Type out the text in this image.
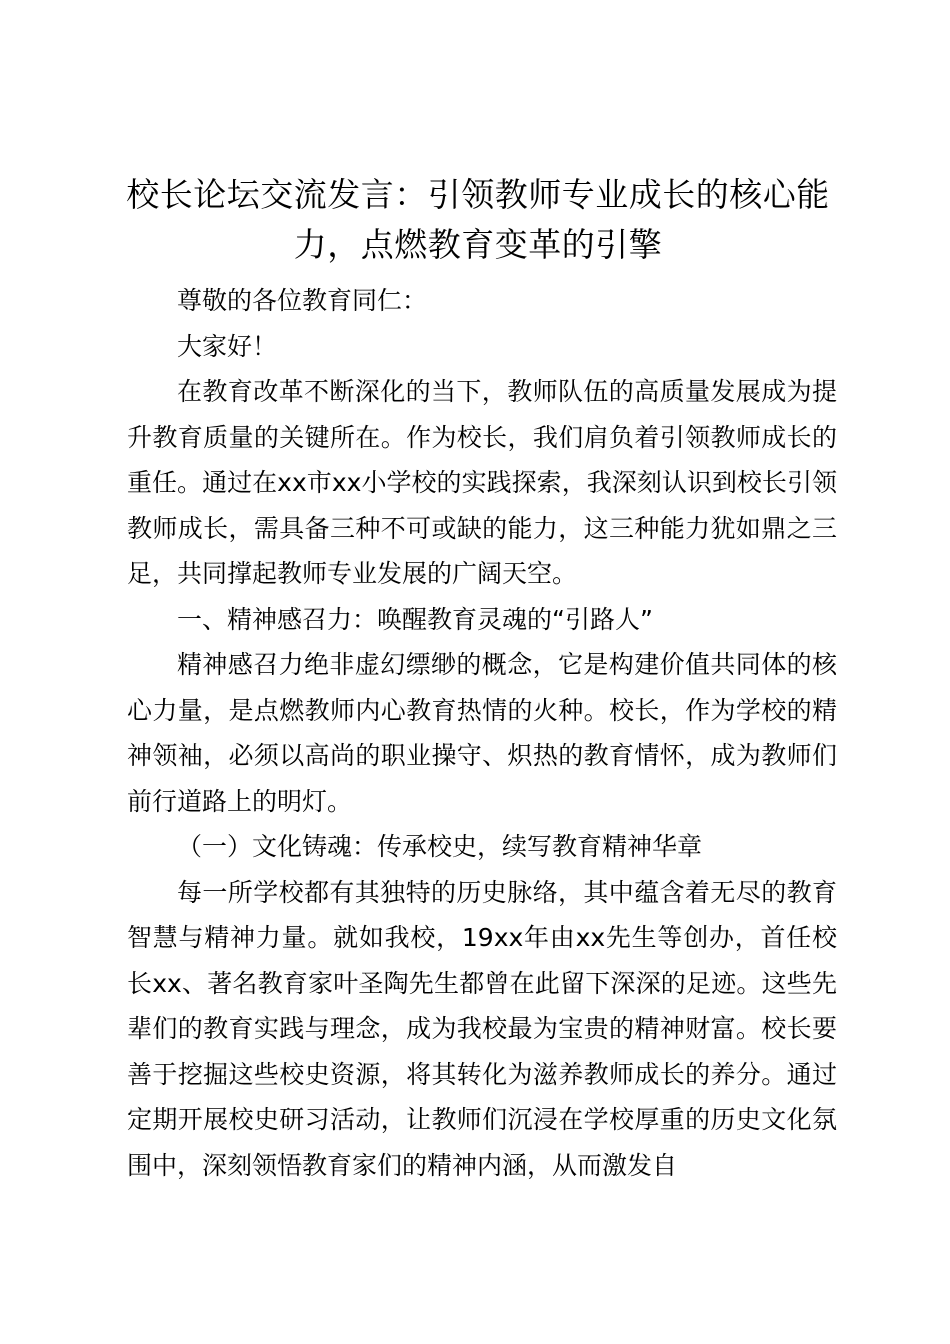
校长论坛交流发言：引领教师专业成长的核心能力，点燃教育变革的引擎

尊敬的各位教育同仁：

大家好！

在教育改革不断深化的当下，教师队伍的高质量发展成为提升教育质量的关键所在。作为校长，我们肩负着引领教师成长的重任。通过在xx市xx小学校的实践探索，我深刻认识到校长引领教师成长，需具备三种不可或缺的能力，这三种能力犹如鼎之三足，共同撑起教师专业发展的广阔天空。

一、精神感召力：唤醒教育灵魂的“引路人”

精神感召力绝非虚幻缥缈的概念，它是构建价值共同体的核心力量，是点燃教师内心教育热情的火种。校长，作为学校的精神领袖，必须以高尚的职业操守、炽热的教育情怀，成为教师们前行道路上的明灯。

（一）文化铸魂：传承校史，续写教育精神华章

每一所学校都有其独特的历史脉络，其中蕴含着无尽的教育智慧与精神力量。就如我校，19xx年由xx先生等创办，首任校长xx、著名教育家叶圣陶先生都曾在此留下深深的足迹。这些先辈们的教育实践与理念，成为我校最为宝贵的精神财富。校长要善于挖掘这些校史资源，将其转化为滋养教师成长的养分。通过定期开展校史研习活动，让教师们沉浸在学校厚重的历史文化氛围中，深刻领悟教育家们的精神内涵，从而激发自
